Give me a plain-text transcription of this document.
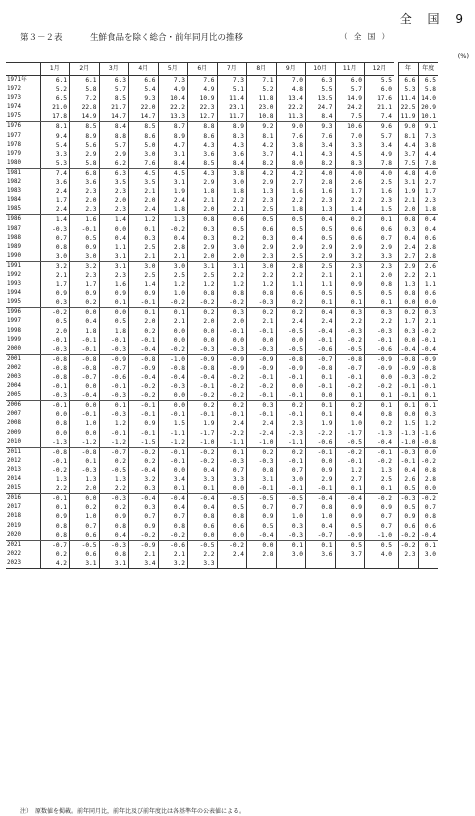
全 国 9
第３－２表	生鮮食品を除く総合・前年同月比の推移	（ 全 国 ）
(%)
	1月	2月	3月	4月	5月	6月	7月	8月	9月	10月	11月	12月		年	年度
1971年	6.1	6.1	6.3	6.6	7.3	7.6	7.3	7.1	7.0	6.3	6.0	5.5		6.6	6.5
1972	5.2	5.8	5.7	5.4	4.9	4.9	5.1	5.2	4.8	5.5	5.7	6.0		5.3	5.8
1973	6.5	7.2	8.5	9.3	10.4	10.9	11.4	11.8	13.4	13.5	14.9	17.6		11.4	14.0
1974	21.0	22.8	21.7	22.0	22.2	22.3	23.1	23.0	22.2	24.7	24.2	21.1		22.5	20.9
1975	17.8	14.9	14.7	14.7	13.3	12.7	11.7	10.8	11.3	8.4	7.5	7.4		11.9	10.1
1976	8.1	8.5	8.4	8.5	8.7	8.8	8.9	9.2	9.0	9.3	10.6	9.6		9.0	9.1
1977	9.4	8.9	8.8	8.6	8.9	8.6	8.3	8.1	7.6	7.6	7.0	5.7		8.1	7.3
1978	5.4	5.6	5.7	5.0	4.7	4.3	4.3	4.2	3.8	3.4	3.3	3.4		4.4	3.8
1979	3.3	2.9	2.9	3.0	3.1	3.6	3.6	3.7	4.1	4.3	4.5	4.9		3.7	4.4
1980	5.3	5.8	6.2	7.6	8.4	8.5	8.4	8.2	8.0	8.2	8.3	7.8		7.5	7.8
1981	7.4	6.8	6.3	4.5	4.5	4.3	3.8	4.2	4.2	4.0	4.0	4.0		4.8	4.0
1982	3.6	3.6	3.5	3.5	3.1	2.9	3.0	2.9	2.7	2.8	2.6	2.5		3.1	2.7
1983	2.4	2.3	2.3	2.1	1.9	1.8	1.8	1.3	1.6	1.6	1.7	1.6		1.9	1.7
1984	1.7	2.0	2.0	2.0	2.4	2.1	2.2	2.3	2.2	2.3	2.2	2.3		2.1	2.3
1985	2.4	2.3	2.3	2.4	1.8	2.0	2.1	2.5	1.8	1.3	1.4	1.5		2.0	1.8
1986	1.4	1.6	1.4	1.2	1.3	0.8	0.6	0.5	0.5	0.4	0.2	0.1		0.8	0.4
1987	-0.3	-0.1	0.0	0.1	-0.2	0.3	0.5	0.6	0.5	0.5	0.6	0.6		0.3	0.4
1988	0.7	0.5	0.4	0.3	0.4	0.3	0.2	0.3	0.4	0.5	0.6	0.7		0.4	0.6
1989	0.8	0.9	1.1	2.5	2.8	2.9	3.0	2.9	2.9	2.9	2.9	2.9		2.4	2.8
1990	3.0	3.0	3.1	2.1	2.1	2.0	2.0	2.3	2.5	2.9	3.2	3.3		2.7	2.8
1991	3.2	3.2	3.1	3.0	3.0	3.1	3.1	3.0	2.8	2.5	2.3	2.3		2.9	2.6
1992	2.1	2.3	2.3	2.5	2.5	2.5	2.2	2.2	2.2	2.1	2.1	2.0		2.2	2.1
1993	1.7	1.7	1.6	1.4	1.2	1.2	1.2	1.2	1.1	1.1	0.9	0.8		1.3	1.1
1994	0.9	0.9	0.9	0.9	1.0	0.8	0.8	0.8	0.6	0.5	0.5	0.5		0.8	0.6
1995	0.3	0.2	0.1	-0.1	-0.2	-0.2	-0.2	-0.3	0.2	0.1	0.1	0.1		0.0	0.0
1996	-0.2	0.0	0.0	0.1	0.1	0.2	0.3	0.2	0.2	0.4	0.3	0.3		0.2	0.3
1997	0.5	0.4	0.5	2.0	2.1	2.0	2.0	2.1	2.4	2.4	2.2	2.2		1.7	2.1
1998	2.0	1.8	1.8	0.2	0.0	0.0	-0.1	-0.1	-0.5	-0.4	-0.3	-0.3		0.3	-0.2
1999	-0.1	-0.1	-0.1	-0.1	0.0	0.0	0.0	0.0	0.0	-0.1	-0.2	-0.1		0.0	-0.1
2000	-0.3	-0.1	-0.3	-0.4	-0.2	-0.3	-0.3	-0.3	-0.5	-0.6	-0.5	-0.6		-0.4	-0.4
2001	-0.8	-0.8	-0.9	-0.8	-1.0	-0.9	-0.9	-0.9	-0.8	-0.7	-0.8	-0.9		-0.8	-0.9
2002	-0.8	-0.8	-0.7	-0.9	-0.8	-0.8	-0.9	-0.9	-0.9	-0.8	-0.7	-0.9		-0.9	-0.8
2003	-0.8	-0.7	-0.6	-0.4	-0.4	-0.4	-0.2	-0.1	-0.1	0.1	-0.1	0.0		-0.3	-0.2
2004	-0.1	0.0	-0.1	-0.2	-0.3	-0.1	-0.2	-0.2	0.0	-0.1	-0.2	-0.2		-0.1	-0.1
2005	-0.3	-0.4	-0.3	-0.2	0.0	-0.2	-0.2	-0.1	-0.1	0.0	0.1	0.1		-0.1	0.1
2006	-0.1	0.0	0.1	-0.1	0.0	0.2	0.2	0.3	0.2	0.1	0.2	0.1		0.1	0.1
2007	0.0	-0.1	-0.3	-0.1	-0.1	-0.1	-0.1	-0.1	-0.1	0.1	0.4	0.8		0.0	0.3
2008	0.8	1.0	1.2	0.9	1.5	1.9	2.4	2.4	2.3	1.9	1.0	0.2		1.5	1.2
2009	0.0	0.0	-0.1	-0.1	-1.1	-1.7	-2.2	-2.4	-2.3	-2.2	-1.7	-1.3		-1.3	-1.6
2010	-1.3	-1.2	-1.2	-1.5	-1.2	-1.0	-1.1	-1.0	-1.1	-0.6	-0.5	-0.4		-1.0	-0.8
2011	-0.8	-0.8	-0.7	-0.2	-0.1	-0.2	0.1	0.2	0.2	-0.1	-0.2	-0.1		-0.3	0.0
2012	-0.1	0.1	0.2	0.2	-0.1	-0.2	-0.3	-0.3	-0.1	0.0	-0.1	-0.2		-0.1	-0.2
2013	-0.2	-0.3	-0.5	-0.4	0.0	0.4	0.7	0.8	0.7	0.9	1.2	1.3		0.4	0.8
2014	1.3	1.3	1.3	3.2	3.4	3.3	3.3	3.1	3.0	2.9	2.7	2.5		2.6	2.8
2015	2.2	2.0	2.2	0.3	0.1	0.1	0.0	-0.1	-0.1	-0.1	0.1	0.1		0.5	0.0
2016	-0.1	0.0	-0.3	-0.4	-0.4	-0.4	-0.5	-0.5	-0.5	-0.4	-0.4	-0.2		-0.3	-0.2
2017	0.1	0.2	0.2	0.3	0.4	0.4	0.5	0.7	0.7	0.8	0.9	0.9		0.5	0.7
2018	0.9	1.0	0.9	0.7	0.7	0.8	0.8	0.9	1.0	1.0	0.9	0.7		0.9	0.8
2019	0.8	0.7	0.8	0.9	0.8	0.6	0.6	0.5	0.3	0.4	0.5	0.7		0.6	0.6
2020	0.8	0.6	0.4	-0.2	-0.2	0.0	0.0	-0.4	-0.3	-0.7	-0.9	-1.0		-0.2	-0.4
2021	-0.7	-0.5	-0.3	-0.9	-0.6	-0.5	-0.2	0.0	0.1	0.1	0.5	0.5		-0.2	0.1
2022	0.2	0.6	0.8	2.1	2.1	2.2	2.4	2.8	3.0	3.6	3.7	4.0		2.3	3.0
2023	4.2	3.1	3.1	3.4	3.2	3.3									
注）　原数値を掲載。前年同月比，前年比及び前年度比は各基準年の公表値による。
